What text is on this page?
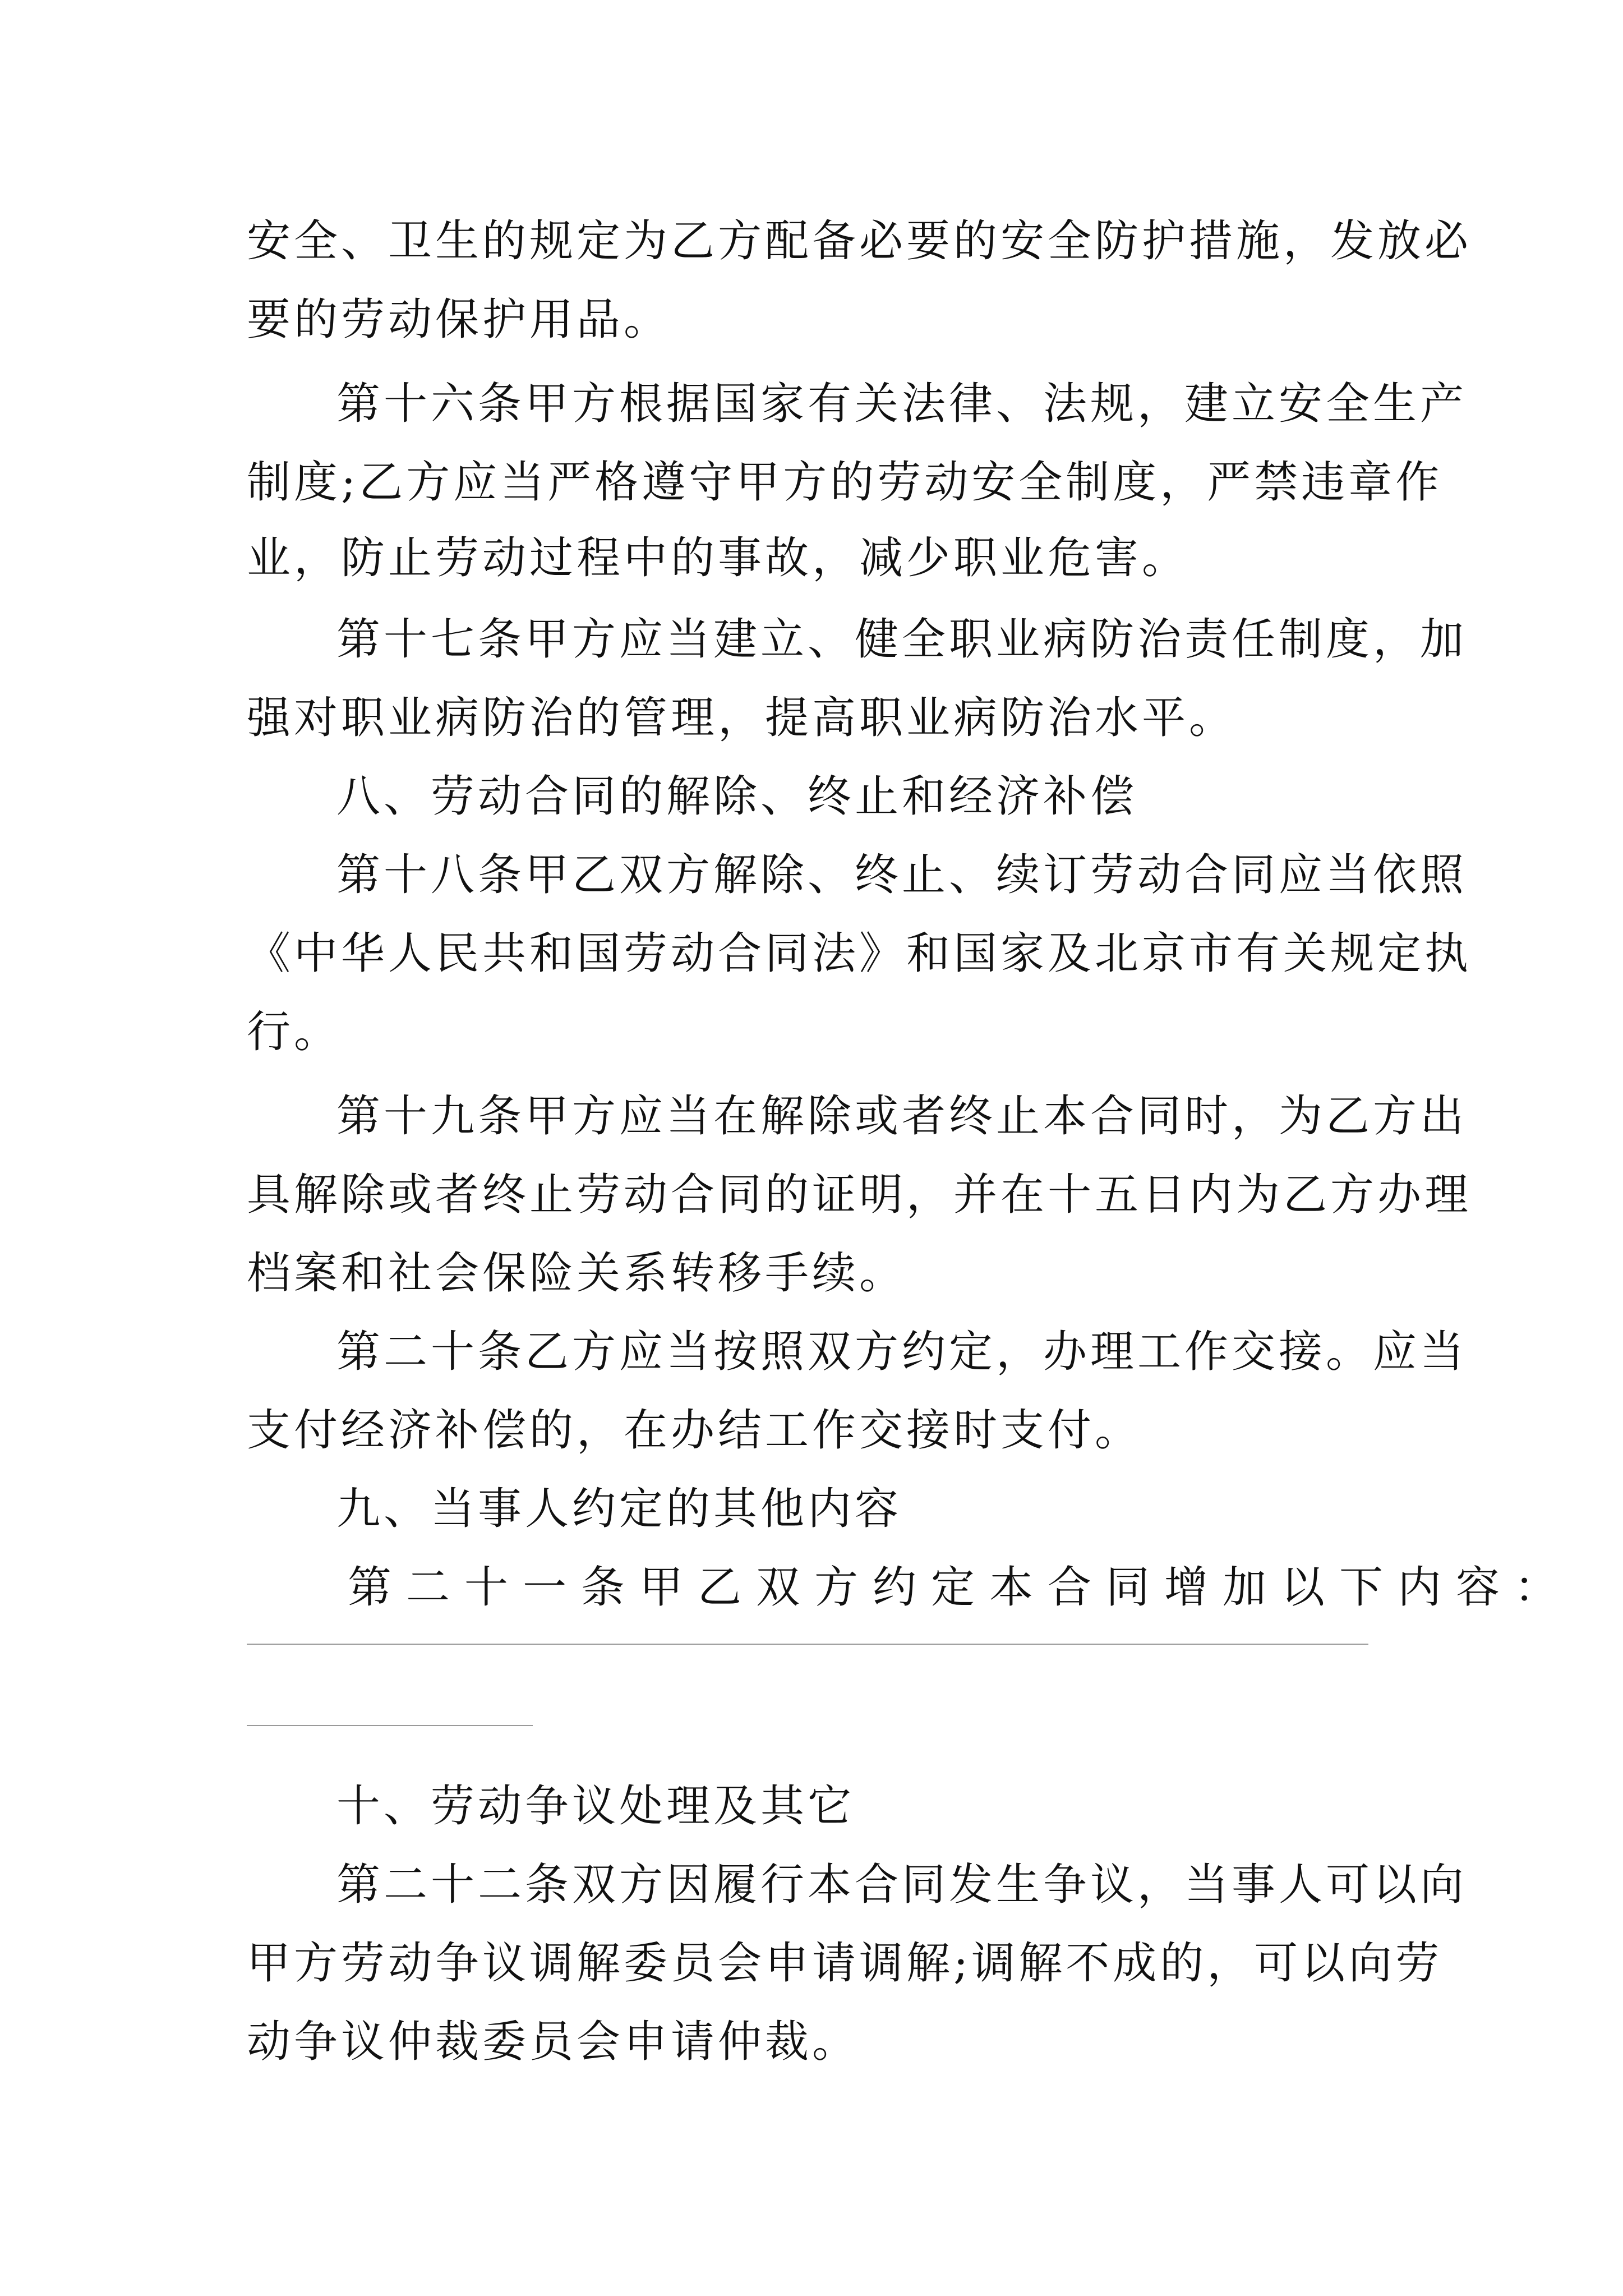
安全、卫生的规定为乙方配备必要的安全防护措施，发放必
要的劳动保护用品。
第十六条甲方根据国家有关法律、法规，建立安全生产
制度;乙方应当严格遵守甲方的劳动安全制度，严禁违章作
业，防止劳动过程中的事故，减少职业危害。
第十七条甲方应当建立、健全职业病防治责任制度，加
强对职业病防治的管理，提高职业病防治水平。
八、劳动合同的解除、终止和经济补偿
第十八条甲乙双方解除、终止、续订劳动合同应当依照
《中华人民共和国劳动合同法》和国家及北京市有关规定执
行。
第十九条甲方应当在解除或者终止本合同时，为乙方出
具解除或者终止劳动合同的证明，并在十五日内为乙方办理
档案和社会保险关系转移手续。
第二十条乙方应当按照双方约定，办理工作交接。应当
支付经济补偿的，在办结工作交接时支付。
九、当事人约定的其他内容
第二十一条甲乙双方约定本合同增加以下内容：
十、劳动争议处理及其它
第二十二条双方因履行本合同发生争议，当事人可以向
甲方劳动争议调解委员会申请调解;调解不成的，可以向劳
动争议仲裁委员会申请仲裁。
